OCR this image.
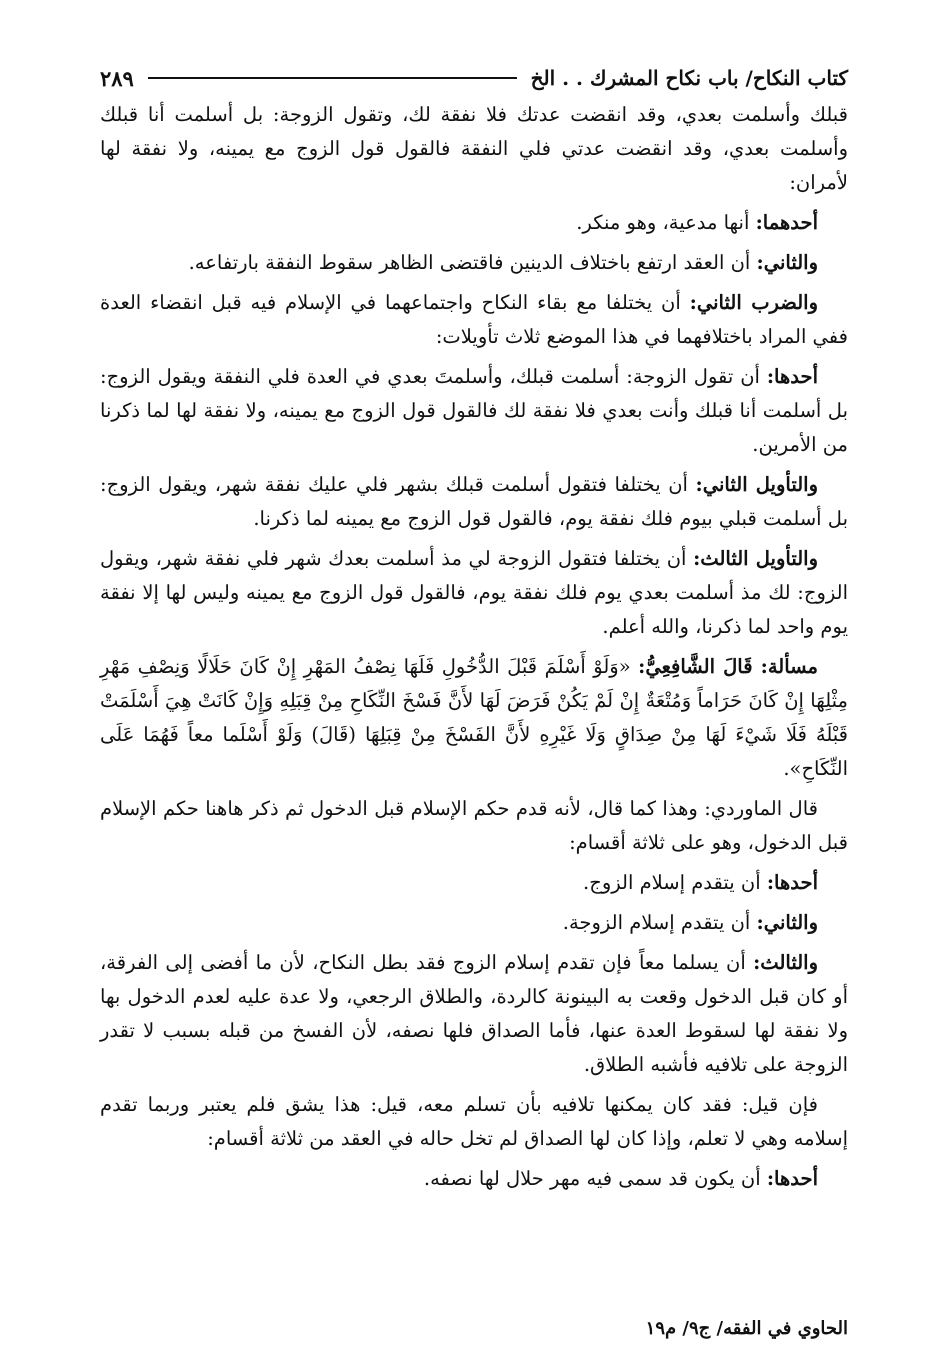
كتاب النكاح/ باب نكاح المشرك . . الخ
٢٨٩
قبلك وأسلمت بعدي، وقد انقضت عدتك فلا نفقة لك، وتقول الزوجة: بل أسلمت أنا قبلك وأسلمت بعدي، وقد انقضت عدتي فلي النفقة فالقول قول الزوج مع يمينه، ولا نفقة لها لأمران:
أحدهما: أنها مدعية، وهو منكر.
والثاني: أن العقد ارتفع باختلاف الدينين فاقتضى الظاهر سقوط النفقة بارتفاعه.
والضرب الثاني: أن يختلفا مع بقاء النكاح واجتماعهما في الإسلام فيه قبل انقضاء العدة ففي المراد باختلافهما في هذا الموضع ثلاث تأويلات:
أحدها: أن تقول الزوجة: أسلمت قبلك، وأسلمتَ بعدي في العدة فلي النفقة ويقول الزوج: بل أسلمت أنا قبلك وأنت بعدي فلا نفقة لك فالقول قول الزوج مع يمينه، ولا نفقة لها لما ذكرنا من الأمرين.
والتأويل الثاني: أن يختلفا فتقول أسلمت قبلك بشهر فلي عليك نفقة شهر، ويقول الزوج: بل أسلمت قبلي بيوم فلك نفقة يوم، فالقول قول الزوج مع يمينه لما ذكرنا.
والتأويل الثالث: أن يختلفا فتقول الزوجة لي مذ أسلمت بعدك شهر فلي نفقة شهر، ويقول الزوج: لك مذ أسلمت بعدي يوم فلك نفقة يوم، فالقول قول الزوج مع يمينه وليس لها إلا نفقة يوم واحد لما ذكرنا، والله أعلم.
مسألة: قَالَ الشَّافِعِيُّ: «وَلَوْ أَسْلَمَ قَبْلَ الدُّخُولِ فَلَهَا نِصْفُ المَهْرِ إِنْ كَانَ حَلَالًا وَنِصْفِ مَهْرِ مِثْلِهَا إِنْ كَانَ حَرَاماً وَمُتْعَةٌ إِنْ لَمْ يَكُنْ فَرَضَ لَهَا لأَنَّ فَسْخَ النِّكَاحِ مِنْ قِبَلِهِ وَإِنْ كَانَتْ هِيَ أَسْلَمَتْ قَبْلَهُ فَلَا شَيْءَ لَهَا مِنْ صِدَاقٍ وَلَا غَيْرِهِ لأَنَّ الفَسْخَ مِنْ قِبَلِهَا (قَالَ) وَلَوْ أَسْلَما معاً فَهُمَا عَلَى النِّكَاحِ».
قال الماوردي: وهذا كما قال، لأنه قدم حكم الإسلام قبل الدخول ثم ذكر هاهنا حكم الإسلام قبل الدخول، وهو على ثلاثة أقسام:
أحدها: أن يتقدم إسلام الزوج.
والثاني: أن يتقدم إسلام الزوجة.
والثالث: أن يسلما معاً فإن تقدم إسلام الزوج فقد بطل النكاح، لأن ما أفضى إلى الفرقة، أو كان قبل الدخول وقعت به البينونة كالردة، والطلاق الرجعي، ولا عدة عليه لعدم الدخول بها ولا نفقة لها لسقوط العدة عنها، فأما الصداق فلها نصفه، لأن الفسخ من قبله بسبب لا تقدر الزوجة على تلافيه فأشبه الطلاق.
فإن قيل: فقد كان يمكنها تلافيه بأن تسلم معه، قيل: هذا يشق فلم يعتبر وربما تقدم إسلامه وهي لا تعلم، وإذا كان لها الصداق لم تخل حاله في العقد من ثلاثة أقسام:
أحدها: أن يكون قد سمى فيه مهر حلال لها نصفه.
الحاوي في الفقه/ ج٩/ م١٩
